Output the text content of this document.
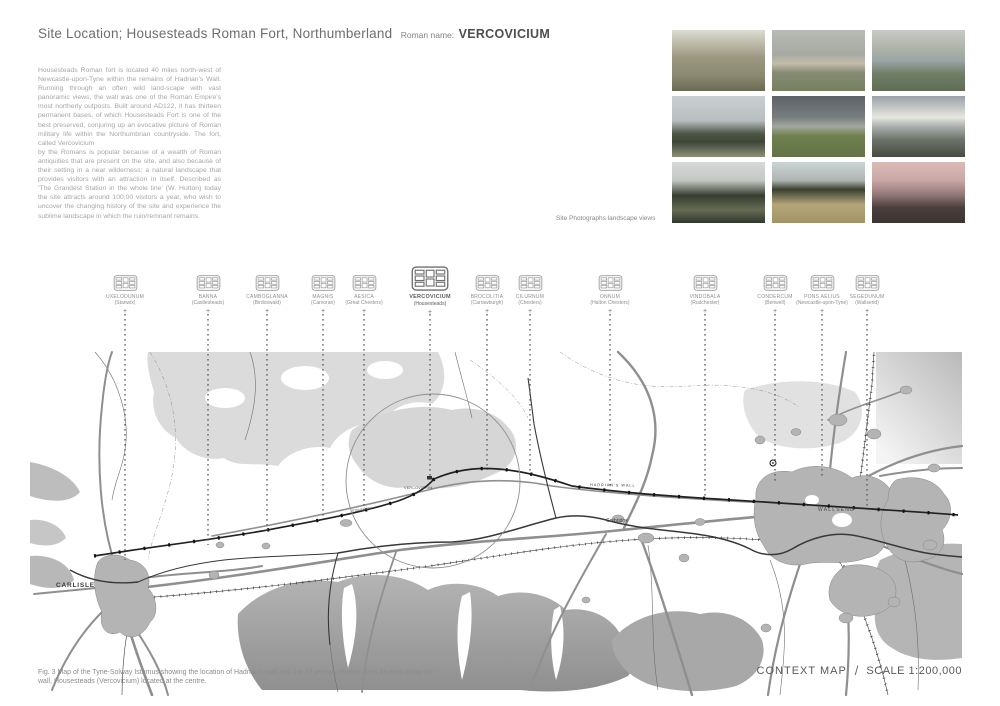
Site Location; Housesteads Roman Fort, Northumberland Roman name: VERCOVICIUM

Housesteads Roman fort is located 40 miles north-west of Newcastle-upon-Tyne within the remains of Hadrian's Wall. Running through an often wild land-scape with vast panoramic views, the wall was one of the Roman Empire's most northerly outposts. Built around AD122, it has thirteen permanent bases, of which Housesteads Fort is one of the best preserved, conjuring up an evocative picture of Roman military life within the Northumbrian countryside. The fort, called Vercovicium

by the Romans is popular because of a wealth of Roman antiquities that are present on the site, and also because of their setting in a near wilderness; a natural landscape that provides visitors with an attraction in itself. Described as 'The Grandest Station in the whole line' (W. Hutton) today the site attracts around 100,00 visitors a year, who wish to uncover the changing history of the site and experience the sublime landscape in which the ruin/remnant remains.	Site Photographs landscape views
UXELODUNUM
(Stanwix)
+
BANNA
(Castlesteads)
+
CAMBOGLANNA
(Birdoswald)
+
MAGNIS
(Carvoran)
+
AESICA
(Great Chesters)
+
VERCOVICIUM
(Housesteads)
+
BROCOLITIA
(Carrawburgh)
+
CILURNUM
(Chesters)
+
ONNUM
(Halton Chesters)
+
VINDOBALA
(Rudchester)
+
CONDERCUM
(Benwell)
+
PONS AELIUS
(Newcastle-upon-Tyne)
+
SEGEDUNUM
(Wallsend)
+
CARLISLE
Corbridge
WALLSEND
VERCOVICIUM
HADRIAN'S WALL
STANEGATE
Fig. 3 Map of the Tyne-Solway Isthmus showing the location of Hadrian's wall and the 13 primary Roman forts located along the wall, Housesteads (Vercovicium) located at the centre.
CONTEXT MAP / SCALE 1:200,000
